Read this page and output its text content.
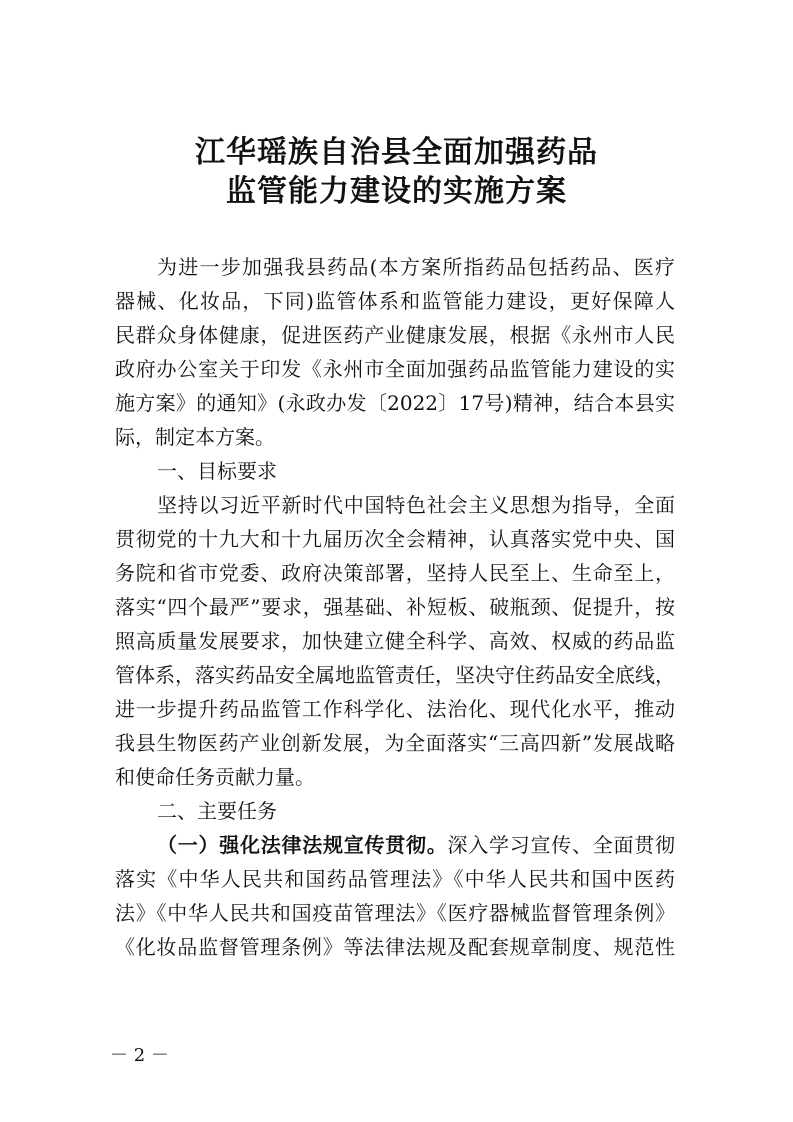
江华瑶族自治县全面加强药品
监管能力建设的实施方案
为进一步加强我县药品(本方案所指药品包括药品、医疗
器械、化妆品，下同)监管体系和监管能力建设，更好保障人
民群众身体健康，促进医药产业健康发展，根据《永州市人民
政府办公室关于印发《永州市全面加强药品监管能力建设的实
施方案》的通知》(永政办发〔2022〕17号)精神，结合本县实
际，制定本方案。
一、目标要求
坚持以习近平新时代中国特色社会主义思想为指导，全面
贯彻党的十九大和十九届历次全会精神，认真落实党中央、国
务院和省市党委、政府决策部署，坚持人民至上、生命至上，
落实“四个最严”要求，强基础、补短板、破瓶颈、促提升，按
照高质量发展要求，加快建立健全科学、高效、权威的药品监
管体系，落实药品安全属地监管责任，坚决守住药品安全底线，
进一步提升药品监管工作科学化、法治化、现代化水平，推动
我县生物医药产业创新发展，为全面落实“三高四新”发展战略
和使命任务贡献力量。
二、主要任务
（一）强化法律法规宣传贯彻。深入学习宣传、全面贯彻
落实《中华人民共和国药品管理法》《中华人民共和国中医药
法》《中华人民共和国疫苗管理法》《医疗器械监督管理条例》
《化妆品监督管理条例》等法律法规及配套规章制度、规范性
－ 2 －
